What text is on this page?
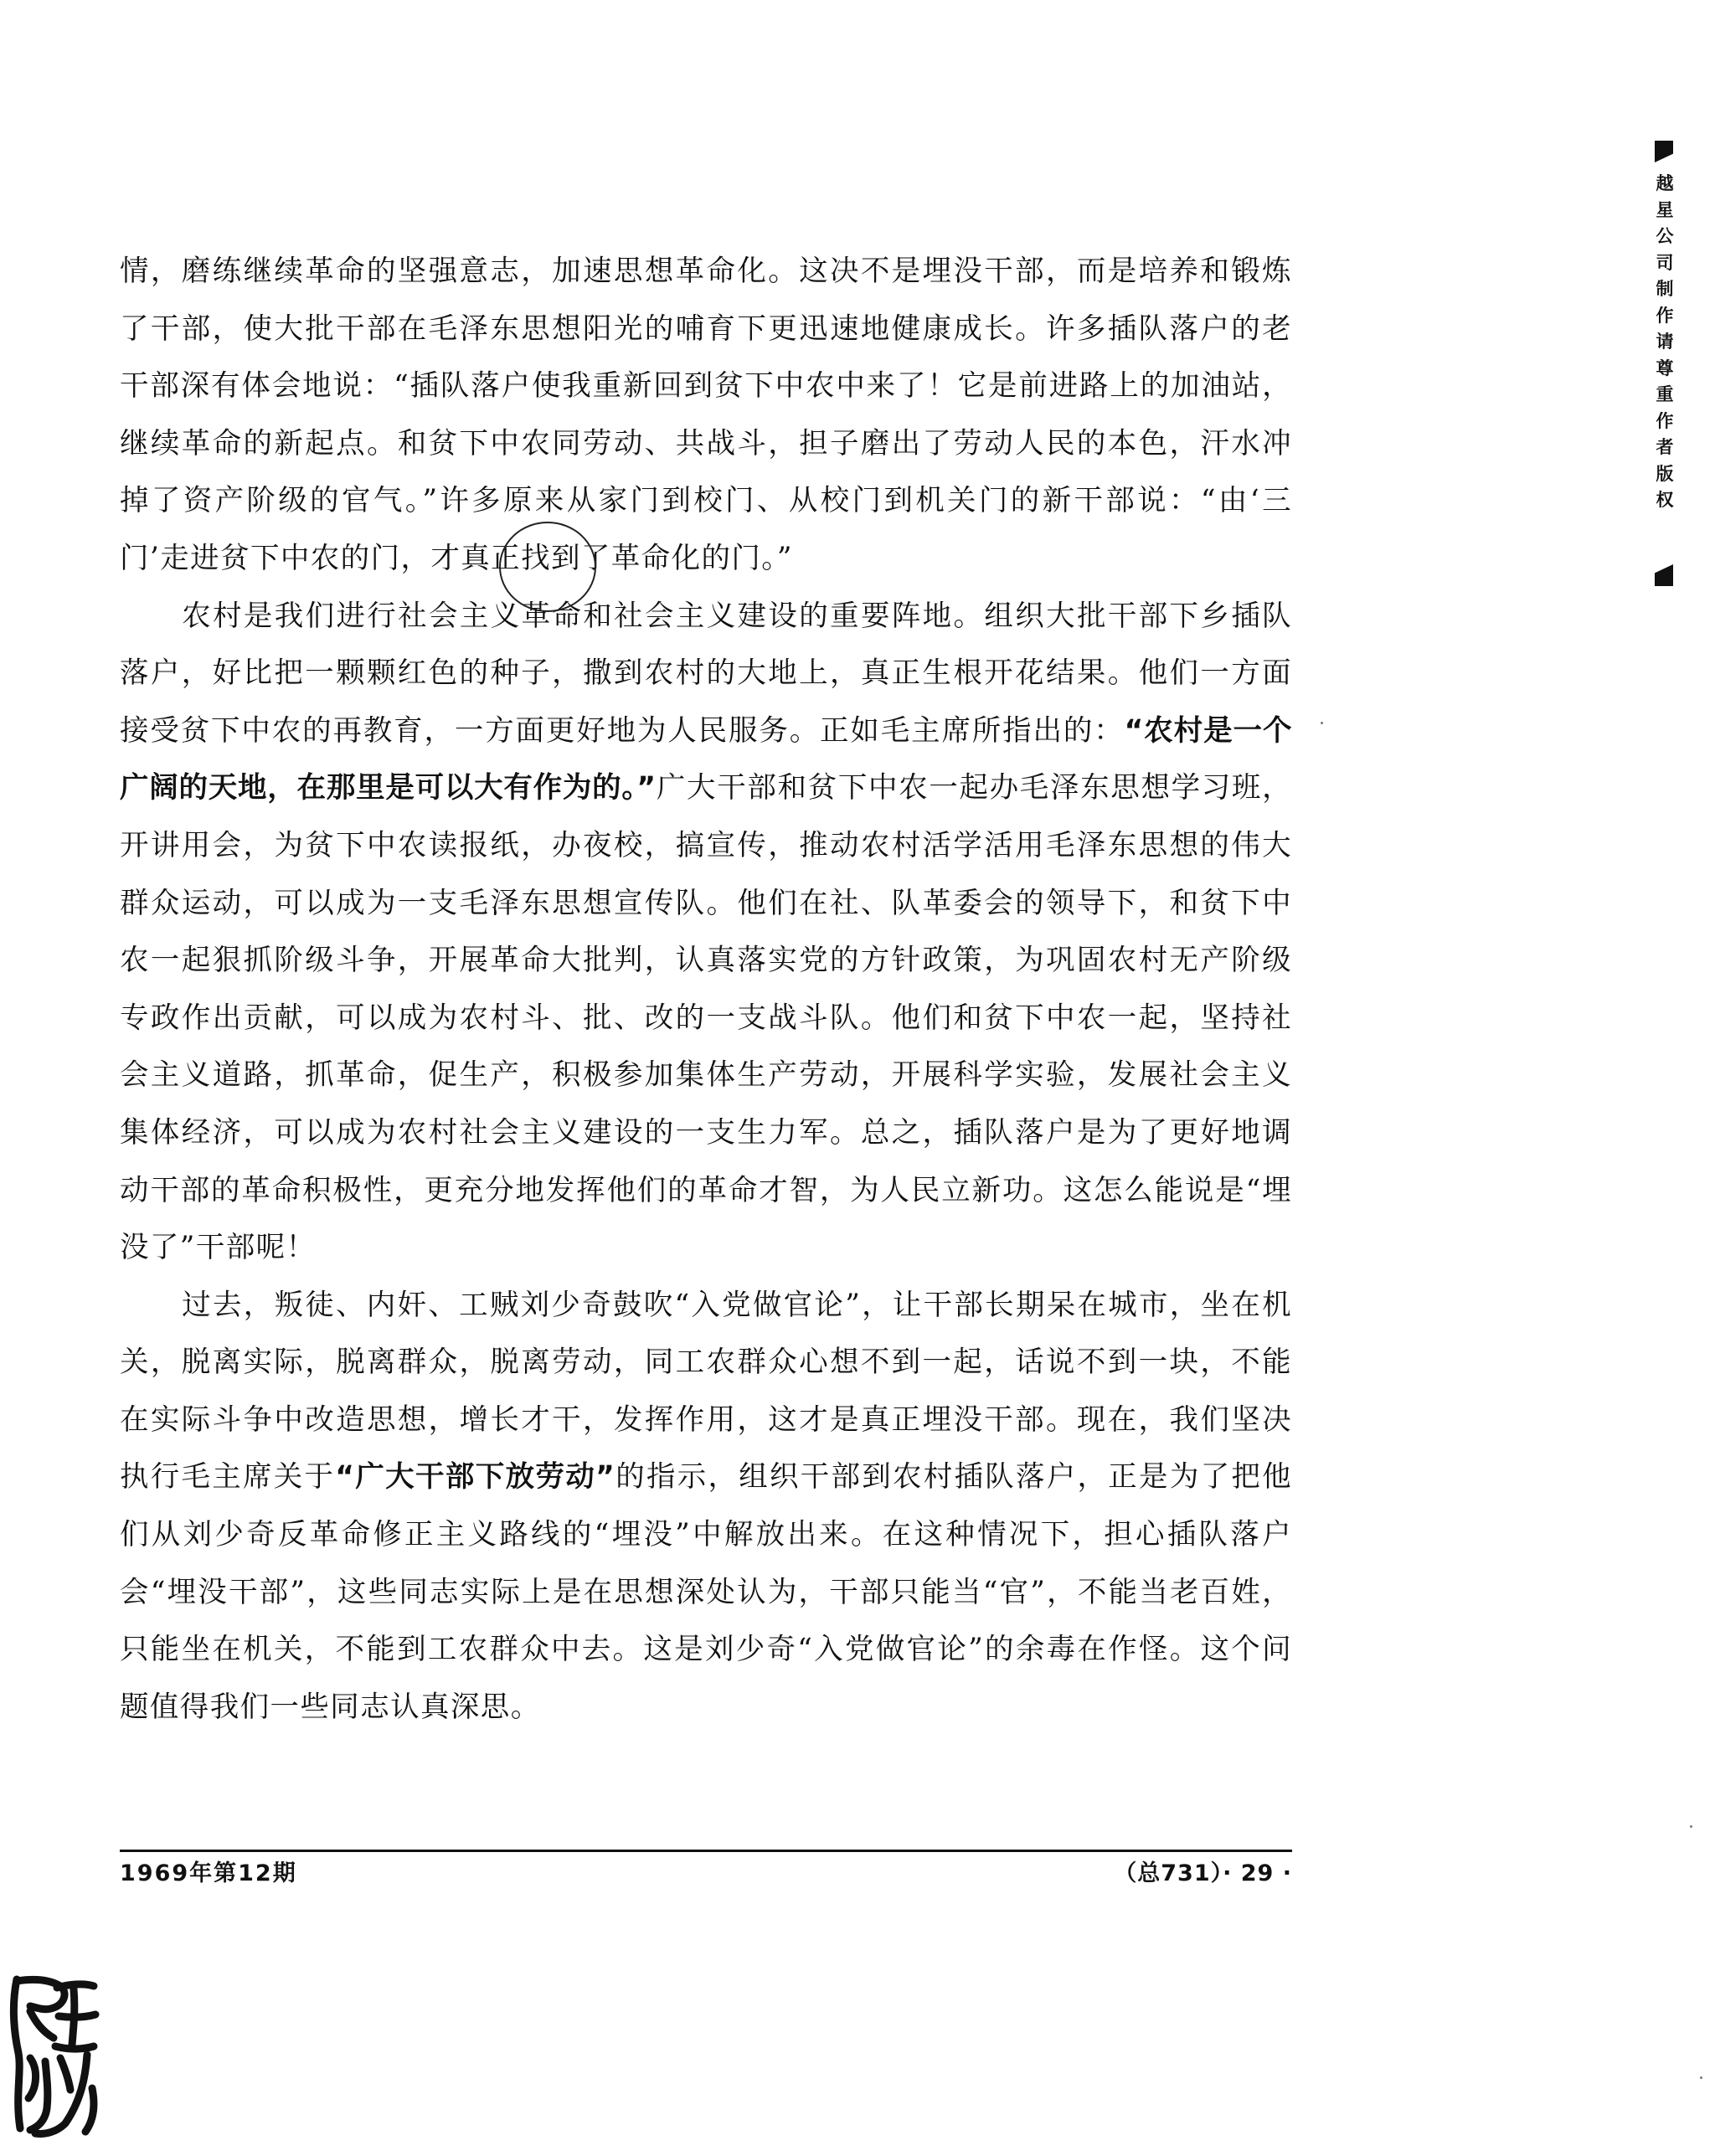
越星公司制作请尊重作者版权

情，磨练继续革命的坚强意志，加速思想革命化。这决不是埋没干部，而是培养和锻炼了干部，使大批干部在毛泽东思想阳光的哺育下更迅速地健康成长。许多插队落户的老干部深有体会地说：“插队落户使我重新回到贫下中农中来了！它是前进路上的加油站，继续革命的新起点。和贫下中农同劳动、共战斗，担子磨出了劳动人民的本色，汗水冲掉了资产阶级的官气。”许多原来从家门到校门、从校门到机关门的新干部说：“由‘三门’走进贫下中农的门，才真正找到了革命化的门。”

农村是我们进行社会主义革命和社会主义建设的重要阵地。组织大批干部下乡插队落户，好比把一颗颗红色的种子，撒到农村的大地上，真正生根开花结果。他们一方面接受贫下中农的再教育，一方面更好地为人民服务。正如毛主席所指出的：“农村是一个广阔的天地，在那里是可以大有作为的。”广大干部和贫下中农一起办毛泽东思想学习班，开讲用会，为贫下中农读报纸，办夜校，搞宣传，推动农村活学活用毛泽东思想的伟大群众运动，可以成为一支毛泽东思想宣传队。他们在社、队革委会的领导下，和贫下中农一起狠抓阶级斗争，开展革命大批判，认真落实党的方针政策，为巩固农村无产阶级专政作出贡献，可以成为农村斗、批、改的一支战斗队。他们和贫下中农一起，坚持社会主义道路，抓革命，促生产，积极参加集体生产劳动，开展科学实验，发展社会主义集体经济，可以成为农村社会主义建设的一支生力军。总之，插队落户是为了更好地调动干部的革命积极性，更充分地发挥他们的革命才智，为人民立新功。这怎么能说是“埋没了”干部呢！

过去，叛徒、内奸、工贼刘少奇鼓吹“入党做官论”，让干部长期呆在城市，坐在机关，脱离实际，脱离群众，脱离劳动，同工农群众心想不到一起，话说不到一块，不能在实际斗争中改造思想，增长才干，发挥作用，这才是真正埋没干部。现在，我们坚决执行毛主席关于“广大干部下放劳动”的指示，组织干部到农村插队落户，正是为了把他们从刘少奇反革命修正主义路线的“埋没”中解放出来。在这种情况下，担心插队落户会“埋没干部”，这些同志实际上是在思想深处认为，干部只能当“官”，不能当老百姓，只能坐在机关，不能到工农群众中去。这是刘少奇“入党做官论”的余毒在作怪。这个问题值得我们一些同志认真深思。

1969年第12期	（总731）· 29 ·
